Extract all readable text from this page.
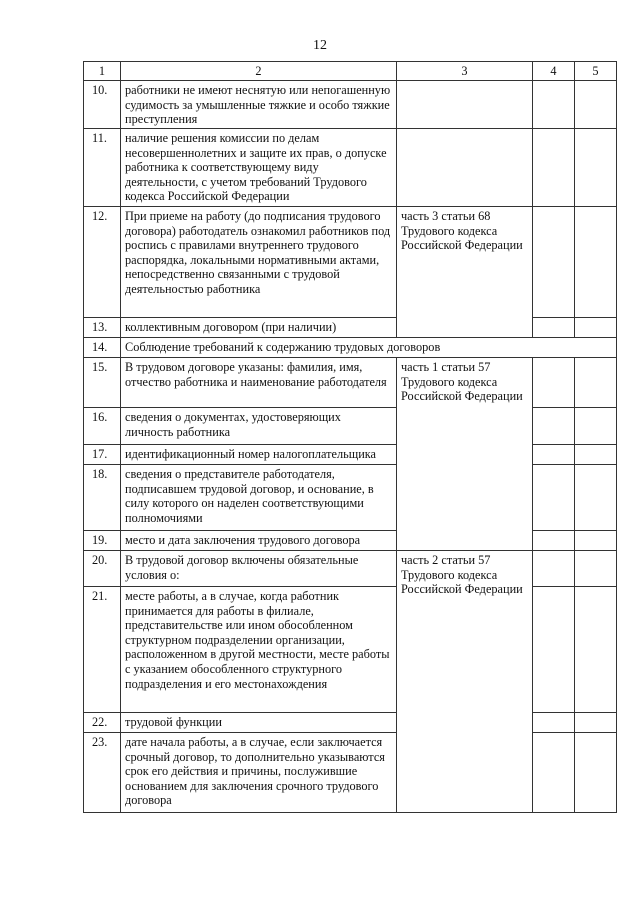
12
1	2	3	4	5
10.	работники не имеют неснятую или непогашенную судимость за умышленные тяжкие и особо тяжкие преступления			
11.	наличие решения комиссии по делам несовершеннолетних и защите их прав, о допуске работника к соответствующему виду деятельности, с учетом требований Трудового кодекса Российской Федерации			
12.	При приеме на работу (до подписания трудового договора) работодатель ознакомил работников под роспись с правилами внутреннего трудового распорядка, локальными нормативными актами, непосредственно связанными с трудовой деятельностью работника	часть 3 статьи 68 Трудового кодекса Российской Федерации		
13.	коллективным договором (при наличии)			
14.	Соблюдение требований к содержанию трудовых договоров			
15.	В трудовом договоре указаны: фамилия, имя, отчество работника и наименование работодателя	часть 1 статьи 57 Трудового кодекса Российской Федерации		
16.	сведения о документах, удостоверяющих личность работника			
17.	идентификационный номер налогоплательщика			
18.	сведения о представителе работодателя, подписавшем трудовой договор, и основание, в силу которого он наделен соответствующими полномочиями			
19.	место и дата заключения трудового договора			
20.	В трудовой договор включены обязательные условия о:	часть 2 статьи 57 Трудового кодекса Российской Федерации		
21.	месте работы, а в случае, когда работник принимается для работы в филиале, представительстве или ином обособленном структурном подразделении организации, расположенном в другой местности, месте работы с указанием обособленного структурного подразделения и его местонахождения			
22.	трудовой функции			
23.	дате начала работы, а в случае, если заключается срочный договор, то дополнительно указываются срок его действия и причины, послужившие основанием для заключения срочного трудового договора			
